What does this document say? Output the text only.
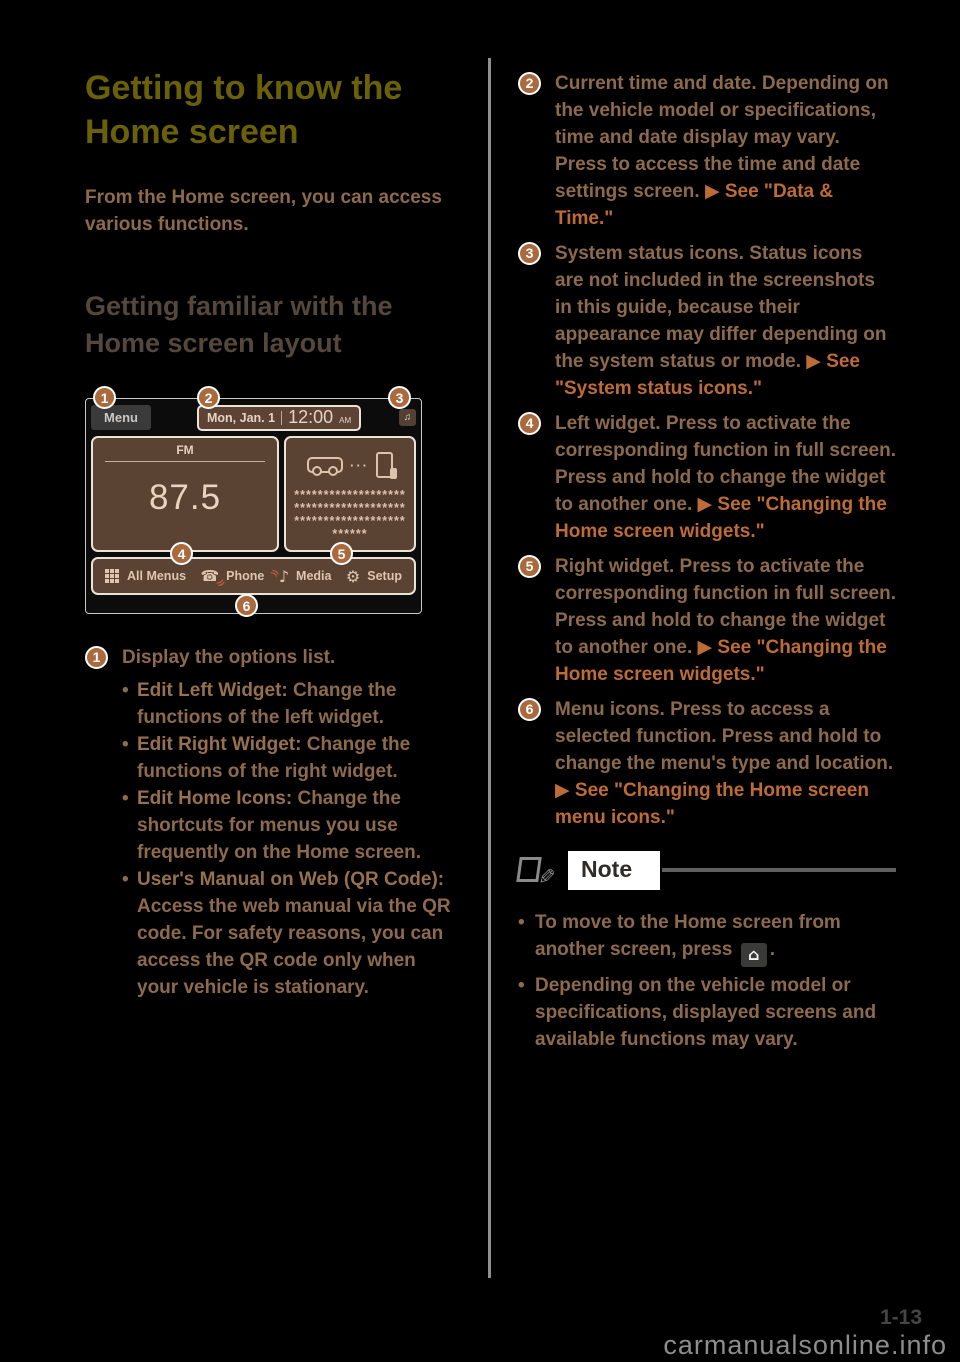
Getting to know the
Home screen

From the Home screen, you can access various functions.

Getting familiar with the
Home screen layout
Menu	Mon, Jan. 1 12:00 AM	♫
FM
87.5
···
*******************
*******************
*******************
******
All Menus ☎
)) Phone )) ♪ Media ⚙ Setup
1	2	3
4	5
6
1	Display the options list.
• Edit Left Widget: Change the functions of the left widget.
• Edit Right Widget: Change the functions of the right widget.
• Edit Home Icons: Change the shortcuts for menus you use frequently on the Home screen.
• User's Manual on Web (QR Code): Access the web manual via the QR code. For safety reasons, you can access the QR code only when your vehicle is stationary.
2	Current time and date. Depending on the vehicle model or specifications, time and date display may vary. Press to access the time and date settings screen. ▶ See "Data & Time."
3	System status icons. Status icons are not included in the screenshots in this guide, because their appearance may differ depending on the system status or mode. ▶ See "System status icons."
4	Left widget. Press to activate the corresponding function in full screen. Press and hold to change the widget to another one. ▶ See "Changing the Home screen widgets."
5	Right widget. Press to activate the corresponding function in full screen. Press and hold to change the widget to another one. ▶ See "Changing the Home screen widgets."
6	Menu icons. Press to access a selected function. Press and hold to change the menu's type and location. ▶ See "Changing the Home screen menu icons."
✎	Note
• To move to the Home screen from another screen, press ⌂ .
• Depending on the vehicle model or specifications, displayed screens and available functions may vary.
1-13
carmanualsonline.info
